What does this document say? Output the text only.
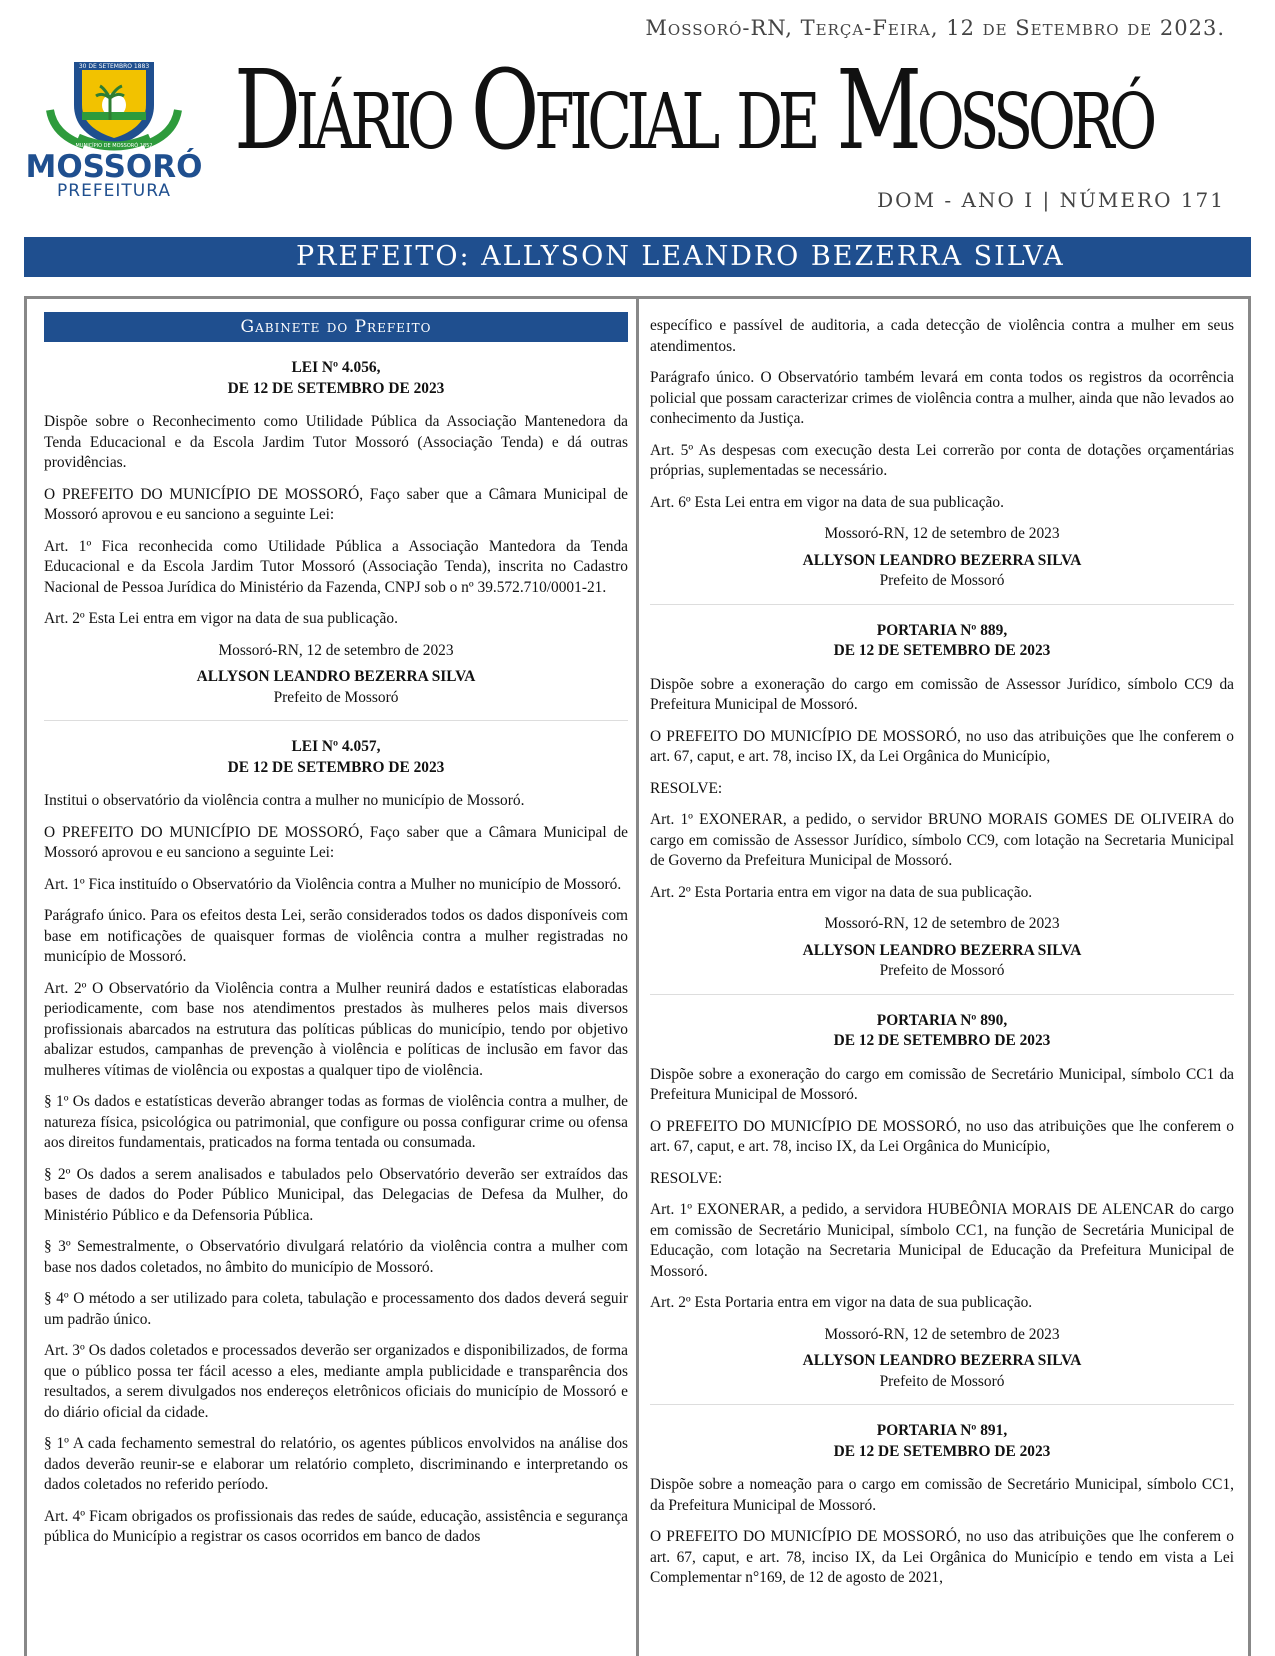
Mossoró-RN, Terça-Feira, 12 de Setembro de 2023.
30 DE SETEMBRO 1883
MUNICÍPIO DE MOSSORÓ 1852
MOSSORÓ
PREFEITURA
Diário Oficial de Mossoró
DOM - ANO I | NÚMERO 171
PREFEITO: ALLYSON LEANDRO BEZERRA SILVA
Gabinete do Prefeito
LEI Nº 4.056,
DE 12 DE SETEMBRO DE 2023

Dispõe sobre o Reconhecimento como Utilidade Pública da Associação Mantenedora da Tenda Educacional e da Escola Jardim Tutor Mossoró (Associação Tenda) e dá outras providências.

O PREFEITO DO MUNICÍPIO DE MOSSORÓ, Faço saber que a Câmara Municipal de Mossoró aprovou e eu sanciono a seguinte Lei:

Art. 1º Fica reconhecida como Utilidade Pública a Associação Mantedora da Tenda Educacional e da Escola Jardim Tutor Mossoró (Associação Tenda), inscrita no Cadastro Nacional de Pessoa Jurídica do Ministério da Fazenda, CNPJ sob o nº 39.572.710/0001-21.

Art. 2º Esta Lei entra em vigor na data de sua publicação.

Mossoró-RN, 12 de setembro de 2023
ALLYSON LEANDRO BEZERRA SILVA
Prefeito de Mossoró
LEI Nº 4.057,
DE 12 DE SETEMBRO DE 2023

Institui o observatório da violência contra a mulher no município de Mossoró.

O PREFEITO DO MUNICÍPIO DE MOSSORÓ, Faço saber que a Câmara Municipal de Mossoró aprovou e eu sanciono a seguinte Lei:

Art. 1º Fica instituído o Observatório da Violência contra a Mulher no município de Mossoró.

Parágrafo único. Para os efeitos desta Lei, serão considerados todos os dados disponíveis com base em notificações de quaisquer formas de violência contra a mulher registradas no município de Mossoró.

Art. 2º O Observatório da Violência contra a Mulher reunirá dados e estatísticas elaboradas periodicamente, com base nos atendimentos prestados às mulheres pelos mais diversos profissionais abarcados na estrutura das políticas públicas do município, tendo por objetivo abalizar estudos, campanhas de prevenção à violência e políticas de inclusão em favor das mulheres vítimas de violência ou expostas a qualquer tipo de violência.

§ 1º Os dados e estatísticas deverão abranger todas as formas de violência contra a mulher, de natureza física, psicológica ou patrimonial, que configure ou possa configurar crime ou ofensa aos direitos fundamentais, praticados na forma tentada ou consumada.

§ 2º Os dados a serem analisados e tabulados pelo Observatório deverão ser extraídos das bases de dados do Poder Público Municipal, das Delegacias de Defesa da Mulher, do Ministério Público e da Defensoria Pública.

§ 3º Semestralmente, o Observatório divulgará relatório da violência contra a mulher com base nos dados coletados, no âmbito do município de Mossoró.

§ 4º O método a ser utilizado para coleta, tabulação e processamento dos dados deverá seguir um padrão único.

Art. 3º Os dados coletados e processados deverão ser organizados e disponibilizados, de forma que o público possa ter fácil acesso a eles, mediante ampla publicidade e transparência dos resultados, a serem divulgados nos endereços eletrônicos oficiais do município de Mossoró e do diário oficial da cidade.

§ 1º A cada fechamento semestral do relatório, os agentes públicos envolvidos na análise dos dados deverão reunir-se e elaborar um relatório completo, discriminando e interpretando os dados coletados no referido período.

Art. 4º Ficam obrigados os profissionais das redes de saúde, educação, assistência e segurança pública do Município a registrar os casos ocorridos em banco de dados

específico e passível de auditoria, a cada detecção de violência contra a mulher em seus atendimentos.

Parágrafo único. O Observatório também levará em conta todos os registros da ocorrência policial que possam caracterizar crimes de violência contra a mulher, ainda que não levados ao conhecimento da Justiça.

Art. 5º As despesas com execução desta Lei correrão por conta de dotações orçamentárias próprias, suplementadas se necessário.

Art. 6º Esta Lei entra em vigor na data de sua publicação.

Mossoró-RN, 12 de setembro de 2023
ALLYSON LEANDRO BEZERRA SILVA
Prefeito de Mossoró
PORTARIA Nº 889,
DE 12 DE SETEMBRO DE 2023

Dispõe sobre a exoneração do cargo em comissão de Assessor Jurídico, símbolo CC9 da Prefeitura Municipal de Mossoró.

O PREFEITO DO MUNICÍPIO DE MOSSORÓ, no uso das atribuições que lhe conferem o art. 67, caput, e art. 78, inciso IX, da Lei Orgânica do Município,

RESOLVE:

Art. 1º EXONERAR, a pedido, o servidor BRUNO MORAIS GOMES DE OLIVEIRA do cargo em comissão de Assessor Jurídico, símbolo CC9, com lotação na Secretaria Municipal de Governo da Prefeitura Municipal de Mossoró.

Art. 2º Esta Portaria entra em vigor na data de sua publicação.

Mossoró-RN, 12 de setembro de 2023
ALLYSON LEANDRO BEZERRA SILVA
Prefeito de Mossoró
PORTARIA Nº 890,
DE 12 DE SETEMBRO DE 2023

Dispõe sobre a exoneração do cargo em comissão de Secretário Municipal, símbolo CC1 da Prefeitura Municipal de Mossoró.

O PREFEITO DO MUNICÍPIO DE MOSSORÓ, no uso das atribuições que lhe conferem o art. 67, caput, e art. 78, inciso IX, da Lei Orgânica do Município,

RESOLVE:

Art. 1º EXONERAR, a pedido, a servidora HUBEÔNIA MORAIS DE ALENCAR do cargo em comissão de Secretário Municipal, símbolo CC1, na função de Secretária Municipal de Educação, com lotação na Secretaria Municipal de Educação da Prefeitura Municipal de Mossoró.

Art. 2º Esta Portaria entra em vigor na data de sua publicação.

Mossoró-RN, 12 de setembro de 2023
ALLYSON LEANDRO BEZERRA SILVA
Prefeito de Mossoró
PORTARIA Nº 891,
DE 12 DE SETEMBRO DE 2023

Dispõe sobre a nomeação para o cargo em comissão de Secretário Municipal, símbolo CC1, da Prefeitura Municipal de Mossoró.

O PREFEITO DO MUNICÍPIO DE MOSSORÓ, no uso das atribuições que lhe conferem o art. 67, caput, e art. 78, inciso IX, da Lei Orgânica do Município e tendo em vista a Lei Complementar n°169, de 12 de agosto de 2021,
